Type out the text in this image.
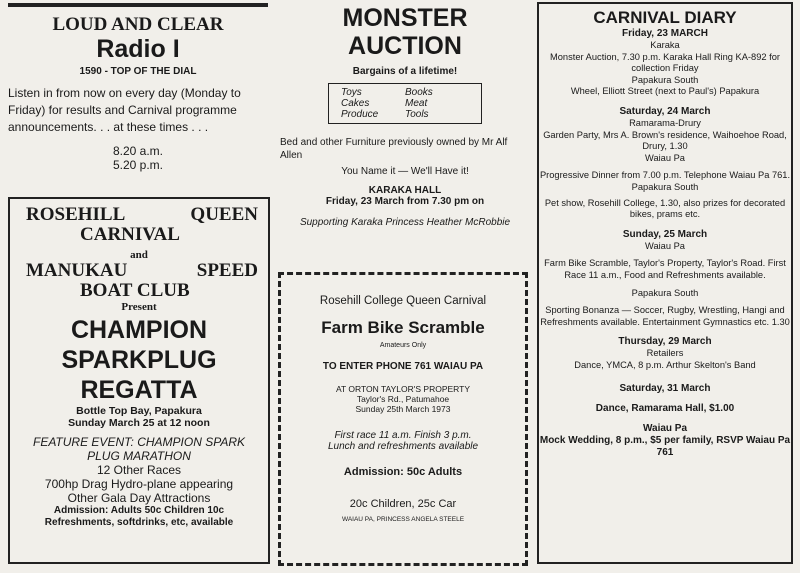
LOUD AND CLEAR

Radio I

1590 - TOP OF THE DIAL

Listen in from now on every day (Monday to Friday) for results and Carnival programme announcements. . . at these times . . .

8.20 a.m.

5.20 p.m.

ROSEHILL	QUEEN

CARNIVAL

and

MANUKAU	SPEED

BOAT CLUB

Present

CHAMPION

SPARKPLUG

REGATTA

Bottle Top Bay, Papakura

Sunday March 25 at 12 noon

FEATURE EVENT: CHAMPION SPARK PLUG MARATHON

12 Other Races

700hp Drag Hydro-plane appearing

Other Gala Day Attractions

Admission: Adults 50c Children 10c

Refreshments, softdrinks, etc, available

MONSTER

AUCTION

Bargains of a lifetime!

Toys	Books
Cakes	Meat
Produce	Tools

Bed and other Furniture previously owned by Mr Alf Allen

You Name it — We'll Have it!

KARAKA HALL

Friday, 23 March from 7.30 pm on

Supporting Karaka Princess Heather McRobbie

Rosehill College Queen Carnival

Farm Bike Scramble

Amateurs Only

TO ENTER PHONE 761 WAIAU PA

AT ORTON TAYLOR'S PROPERTY

Taylor's Rd., Patumahoe

Sunday 25th March 1973

First race 11 a.m. Finish 3 p.m.

Lunch and refreshments available

Admission: 50c Adults

20c Children, 25c Car

WAIAU PA, PRINCESS ANGELA STEELE

CARNIVAL DIARY

Friday, 23 MARCH

Karaka

Monster Auction, 7.30 p.m. Karaka Hall Ring KA-892 for collection Friday

Papakura South

Wheel, Elliott Street (next to Paul's) Papakura

Saturday, 24 March

Ramarama-Drury

Garden Party, Mrs A. Brown's residence, Waihoehoe Road, Drury, 1.30

Waiau Pa

Progressive Dinner from 7.00 p.m. Telephone Waiau Pa 761.

Papakura South

Pet show, Rosehill College, 1.30, also prizes for decorated bikes, prams etc.

Sunday, 25 March

Waiau Pa

Farm Bike Scramble, Taylor's Property, Taylor's Road. First Race 11 a.m., Food and Refreshments available.

Papakura South

Sporting Bonanza — Soccer, Rugby, Wrestling, Hangi and Refreshments available. Entertainment Gymnastics etc. 1.30

Thursday, 29 March

Retailers

Dance, YMCA, 8 p.m. Arthur Skelton's Band

Saturday, 31 March

Dance, Ramarama Hall, $1.00

Waiau Pa

Mock Wedding, 8 p.m., $5 per family, RSVP Waiau Pa 761
